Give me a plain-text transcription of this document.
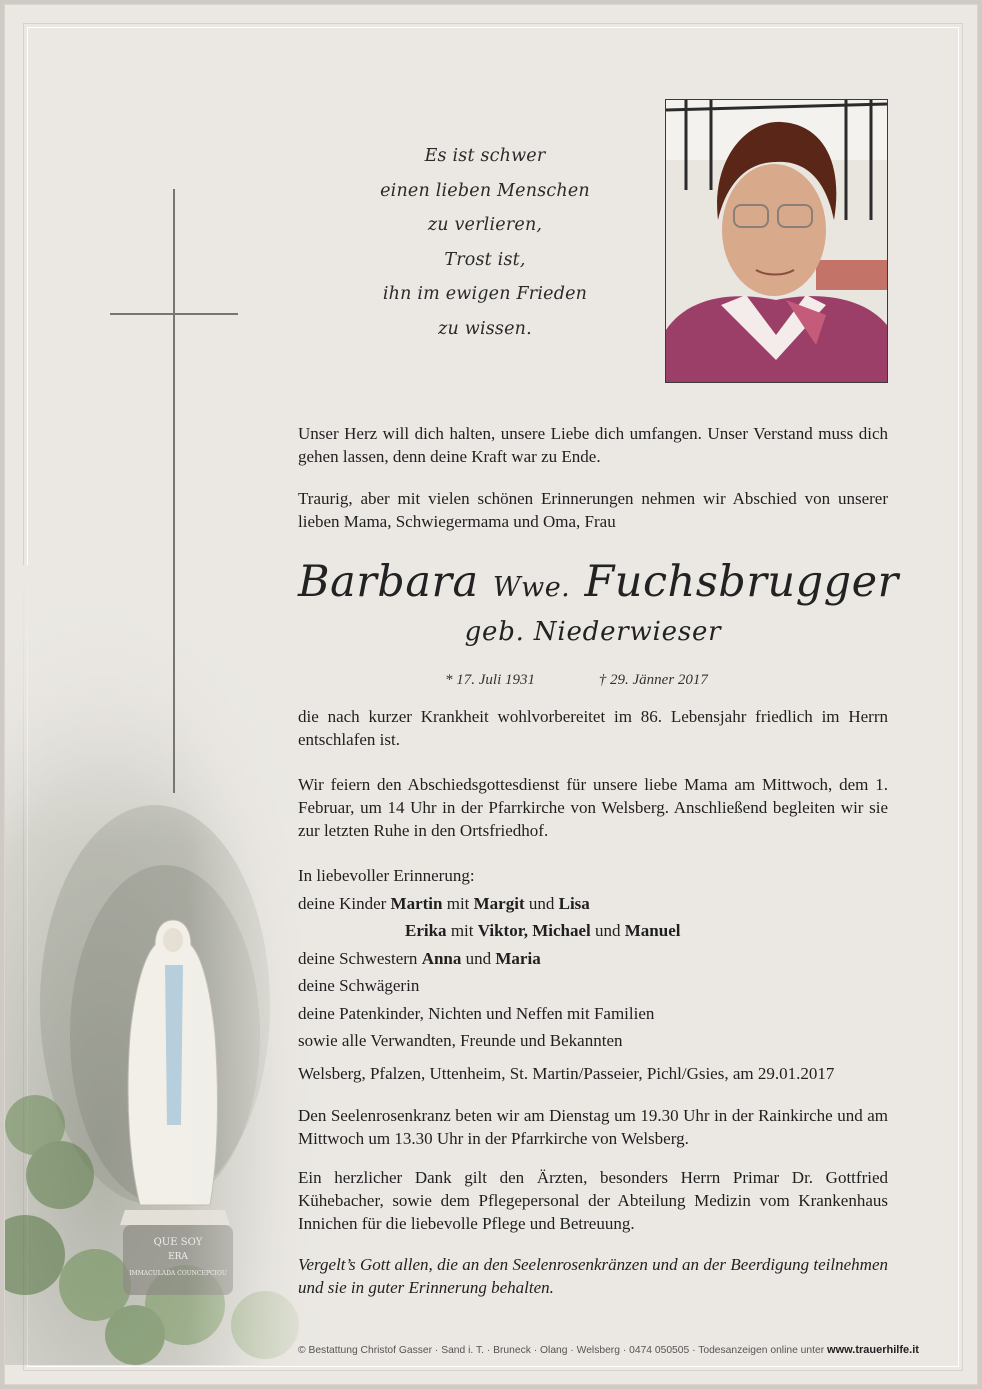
Es ist schwer
einen lieben Menschen
zu verlieren,
Trost ist,
ihn im ewigen Frieden
zu wissen.
Unser Herz will dich halten, unsere Liebe dich umfangen. Unser Verstand muss dich gehen lassen, denn deine Kraft war zu Ende.
Traurig, aber mit vielen schönen Erinnerungen nehmen wir Abschied von unserer lieben Mama, Schwiegermama und Oma, Frau
Barbara Wwe. Fuchsbrugger
geb. Niederwieser
* 17. Juli 1931	† 29. Jänner 2017
die nach kurzer Krankheit wohlvorbereitet im 86. Lebensjahr friedlich im Herrn entschlafen ist.
Wir feiern den Abschiedsgottesdienst für unsere liebe Mama am Mittwoch, dem 1. Februar, um 14 Uhr in der Pfarrkirche von Welsberg. Anschließend begleiten wir sie zur letzten Ruhe in den Ortsfriedhof.
In liebevoller Erinnerung:
deine Kinder Martin mit Margit und Lisa
Erika mit Viktor, Michael und Manuel
deine Schwestern Anna und Maria
deine Schwägerin
deine Patenkinder, Nichten und Neffen mit Familien
sowie alle Verwandten, Freunde und Bekannten
Welsberg, Pfalzen, Uttenheim, St. Martin/Passeier, Pichl/Gsies, am 29.01.2017
Den Seelenrosenkranz beten wir am Dienstag um 19.30 Uhr in der Rainkirche und am Mittwoch um 13.30 Uhr in der Pfarrkirche von Welsberg.
Ein herzlicher Dank gilt den Ärzten, besonders Herrn Primar Dr. Gottfried Kühebacher, sowie dem Pflegepersonal der Abteilung Medizin vom Krankenhaus Innichen für die liebevolle Pflege und Betreuung.
Vergelt’s Gott allen, die an den Seelenrosenkränzen und an der Beerdigung teilnehmen und sie in guter Erinnerung behalten.
© Bestattung Christof Gasser · Sand i. T. · Bruneck · Olang · Welsberg · 0474 050505 · Todesanzeigen online unter www.trauerhilfe.it
